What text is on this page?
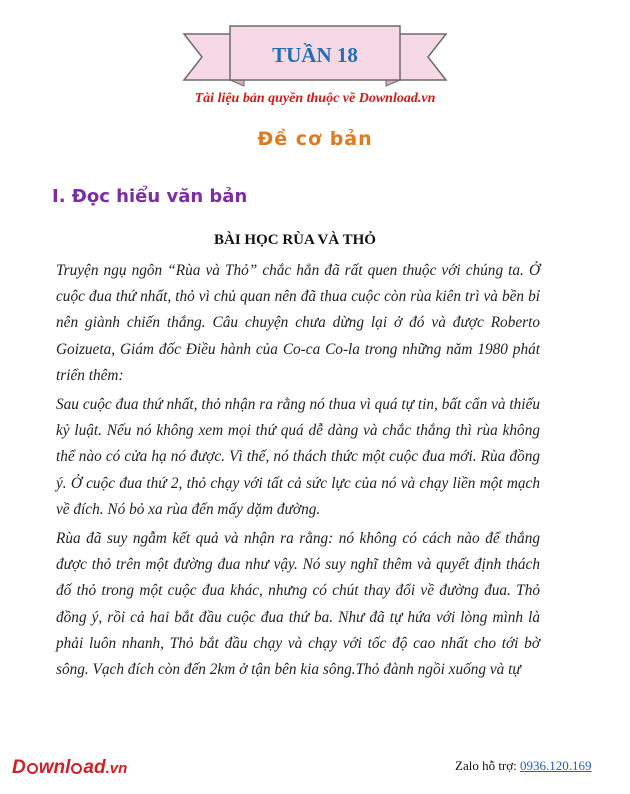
TUẦN 18
Tài liệu bản quyền thuộc về Download.vn
Đề cơ bản
I. Đọc hiểu văn bản
BÀI HỌC RÙA VÀ THỎ

Truyện ngụ ngôn “Rùa và Thỏ” chắc hẳn đã rất quen thuộc với chúng ta. Ở cuộc đua thứ nhất, thỏ vì chủ quan nên đã thua cuộc còn rùa kiên trì và bền bỉ nên giành chiến thắng. Câu chuyện chưa dừng lại ở đó và được Roberto Goizueta, Giám đốc Điều hành của Co-ca Co-la trong những năm 1980 phát triển thêm:

Sau cuộc đua thứ nhất, thỏ nhận ra rằng nó thua vì quá tự tin, bất cẩn và thiếu kỷ luật. Nếu nó không xem mọi thứ quá dễ dàng và chắc thắng thì rùa không thể nào có cửa hạ nó được. Vì thế, nó thách thức một cuộc đua mới. Rùa đồng ý. Ở cuộc đua thứ 2, thỏ chạy với tất cả sức lực của nó và chạy liền một mạch về đích. Nó bỏ xa rùa đến mấy dặm đường.

Rùa đã suy ngẫm kết quả và nhận ra rằng: nó không có cách nào để thắng được thỏ trên một đường đua như vậy. Nó suy nghĩ thêm và quyết định thách đố thỏ trong một cuộc đua khác, nhưng có chút thay đổi về đường đua. Thỏ đồng ý, rồi cả hai bắt đầu cuộc đua thứ ba. Như đã tự hứa với lòng mình là phải luôn nhanh, Thỏ bắt đầu chạy và chạy với tốc độ cao nhất cho tới bờ sông. Vạch đích còn đến 2km ở tận bên kia sông.Thỏ đành ngồi xuống và tự

D wnl ad.vn	Zalo hỗ trợ: 0936.120.169
